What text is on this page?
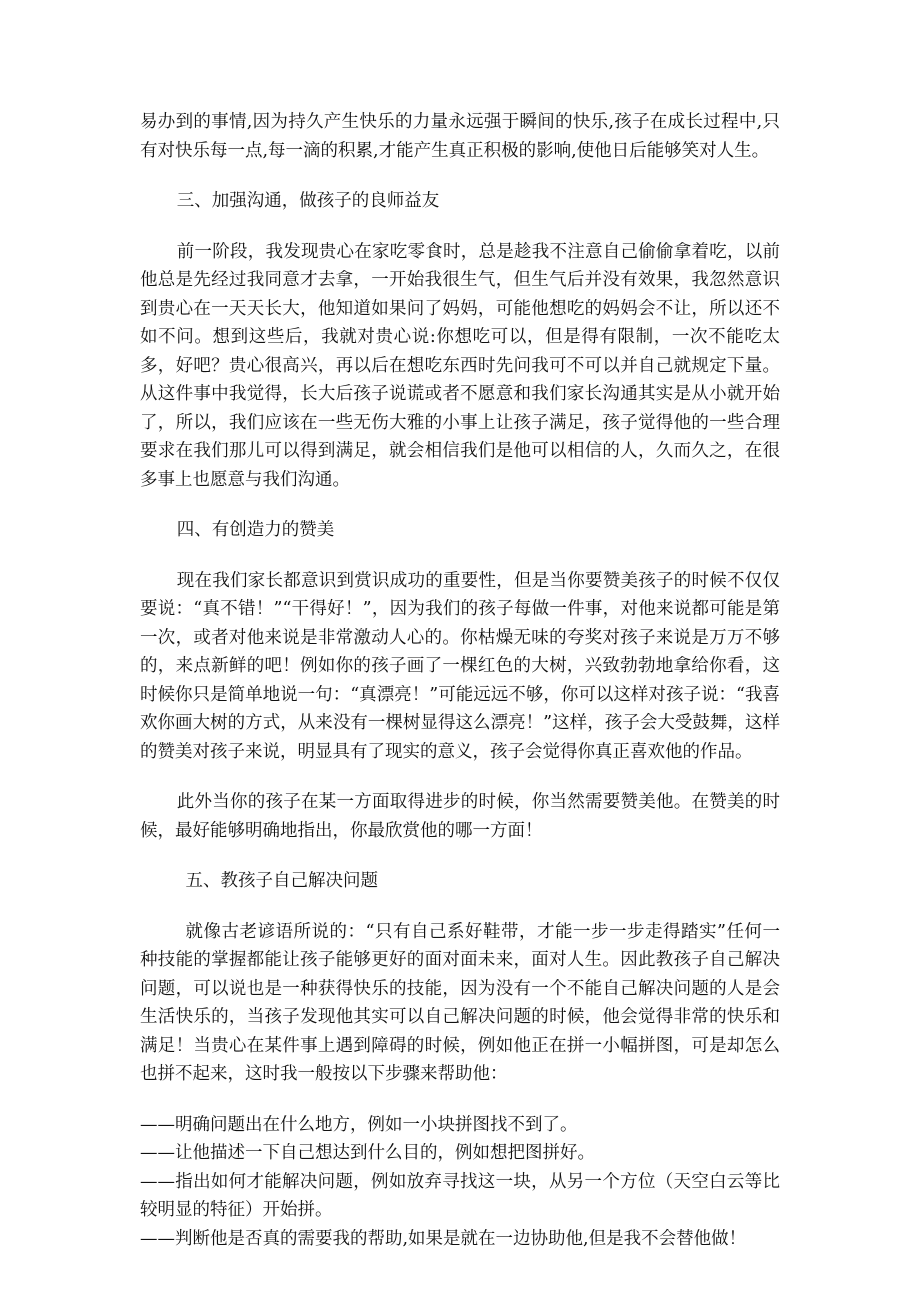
易办到的事情,因为持久产生快乐的力量永远强于瞬间的快乐,孩子在成长过程中,只有对快乐每一点,每一滴的积累,才能产生真正积极的影响,使他日后能够笑对人生。

三、加强沟通，做孩子的良师益友

前一阶段，我发现贵心在家吃零食时，总是趁我不注意自己偷偷拿着吃，以前他总是先经过我同意才去拿，一开始我很生气，但生气后并没有效果，我忽然意识到贵心在一天天长大，他知道如果问了妈妈，可能他想吃的妈妈会不让，所以还不如不问。想到这些后，我就对贵心说:你想吃可以，但是得有限制，一次不能吃太多，好吧？贵心很高兴，再以后在想吃东西时先问我可不可以并自己就规定下量。从这件事中我觉得，长大后孩子说谎或者不愿意和我们家长沟通其实是从小就开始了，所以，我们应该在一些无伤大雅的小事上让孩子满足，孩子觉得他的一些合理要求在我们那儿可以得到满足，就会相信我们是他可以相信的人，久而久之，在很多事上也愿意与我们沟通。

四、有创造力的赞美

现在我们家长都意识到赏识成功的重要性，但是当你要赞美孩子的时候不仅仅要说：“真不错！”“干得好！”，因为我们的孩子每做一件事，对他来说都可能是第一次，或者对他来说是非常激动人心的。你枯燥无味的夸奖对孩子来说是万万不够的，来点新鲜的吧！例如你的孩子画了一棵红色的大树，兴致勃勃地拿给你看，这时候你只是简单地说一句：“真漂亮！”可能远远不够，你可以这样对孩子说：“我喜欢你画大树的方式，从来没有一棵树显得这么漂亮！”这样，孩子会大受鼓舞，这样的赞美对孩子来说，明显具有了现实的意义，孩子会觉得你真正喜欢他的作品。

此外当你的孩子在某一方面取得进步的时候，你当然需要赞美他。在赞美的时候，最好能够明确地指出，你最欣赏他的哪一方面！

五、教孩子自己解决问题

就像古老谚语所说的：“只有自己系好鞋带，才能一步一步走得踏实”任何一种技能的掌握都能让孩子能够更好的面对面未来，面对人生。因此教孩子自己解决问题，可以说也是一种获得快乐的技能，因为没有一个不能自己解决问题的人是会生活快乐的，当孩子发现他其实可以自己解决问题的时候，他会觉得非常的快乐和满足！当贵心在某件事上遇到障碍的时候，例如他正在拼一小幅拼图，可是却怎么也拼不起来，这时我一般按以下步骤来帮助他：

——明确问题出在什么地方，例如一小块拼图找不到了。

——让他描述一下自己想达到什么目的，例如想把图拼好。

——指出如何才能解决问题，例如放弃寻找这一块，从另一个方位（天空白云等比较明显的特征）开始拼。

——判断他是否真的需要我的帮助,如果是就在一边协助他,但是我不会替他做！
